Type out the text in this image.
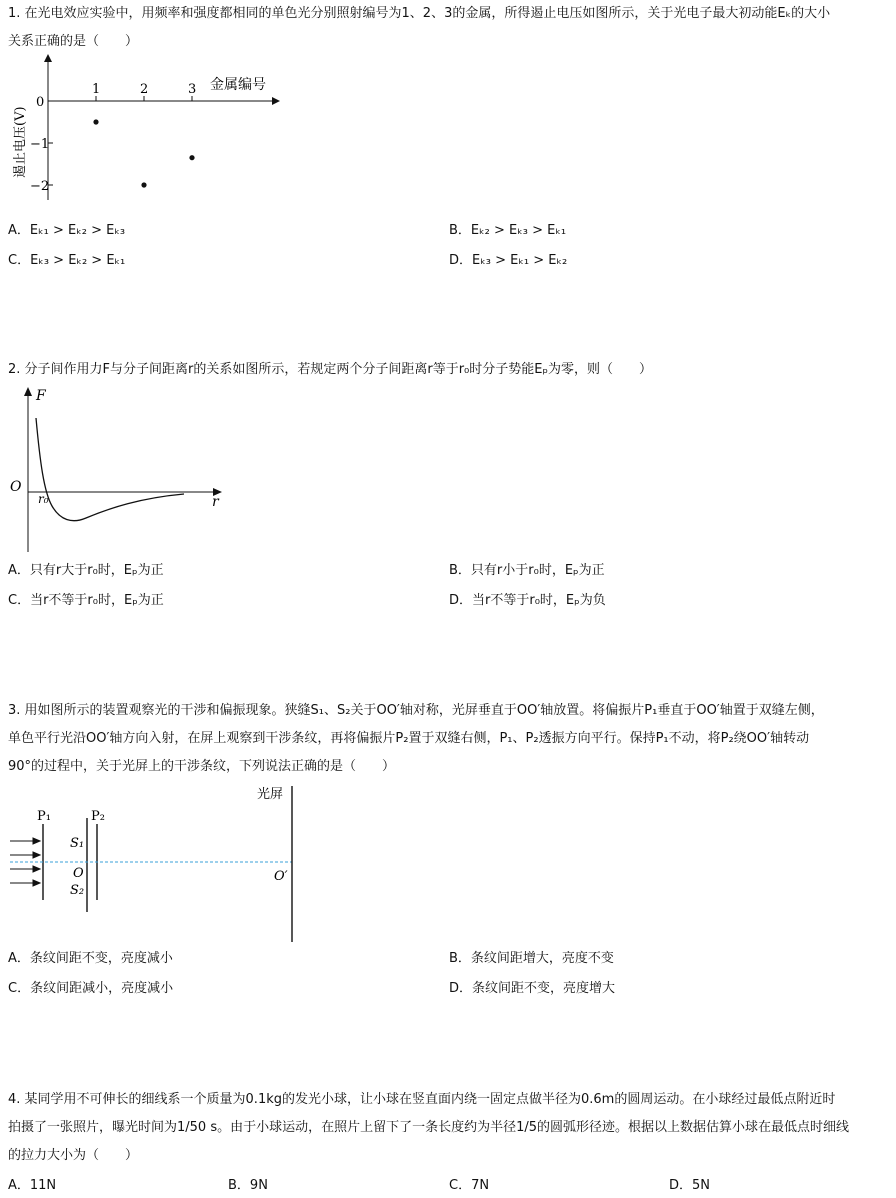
1. 在光电效应实验中，用频率和强度都相同的单色光分别照射编号为1、2、3的金属，所得遏止电压如图所示，关于光电子最大初动能Eₖ的大小
关系正确的是（　　）
1	2	3
0
−1
−2
金属编号
遏止电压(V)
A．Eₖ₁ > Eₖ₂ > Eₖ₃	B．Eₖ₂ > Eₖ₃ > Eₖ₁
C．Eₖ₃ > Eₖ₂ > Eₖ₁	D．Eₖ₃ > Eₖ₁ > Eₖ₂
2. 分子间作用力F与分子间距离r的关系如图所示，若规定两个分子间距离r等于r₀时分子势能Eₚ为零，则（　　）
F
r
O
r₀
A．只有r大于r₀时，Eₚ为正	B．只有r小于r₀时，Eₚ为正
C．当r不等于r₀时，Eₚ为正	D．当r不等于r₀时，Eₚ为负
3. 用如图所示的装置观察光的干涉和偏振现象。狭缝S₁、S₂关于OO′轴对称，光屏垂直于OO′轴放置。将偏振片P₁垂直于OO′轴置于双缝左侧，
单色平行光沿OO′轴方向入射，在屏上观察到干涉条纹，再将偏振片P₂置于双缝右侧，P₁、P₂透振方向平行。保持P₁不动，将P₂绕OO′轴转动
90°的过程中，关于光屏上的干涉条纹，下列说法正确的是（　　）
光屏
P₁	P₂
S₁
O
S₂
O′
A．条纹间距不变，亮度减小	B．条纹间距增大，亮度不变
C．条纹间距减小，亮度减小	D．条纹间距不变，亮度增大
4. 某同学用不可伸长的细线系一个质量为0.1kg的发光小球，让小球在竖直面内绕一固定点做半径为0.6m的圆周运动。在小球经过最低点附近时
拍摄了一张照片，曝光时间为1/50 s。由于小球运动，在照片上留下了一条长度约为半径1/5的圆弧形径迹。根据以上数据估算小球在最低点时细线
的拉力大小为（　　）
A．11N	B．9N	C．7N	D．5N
